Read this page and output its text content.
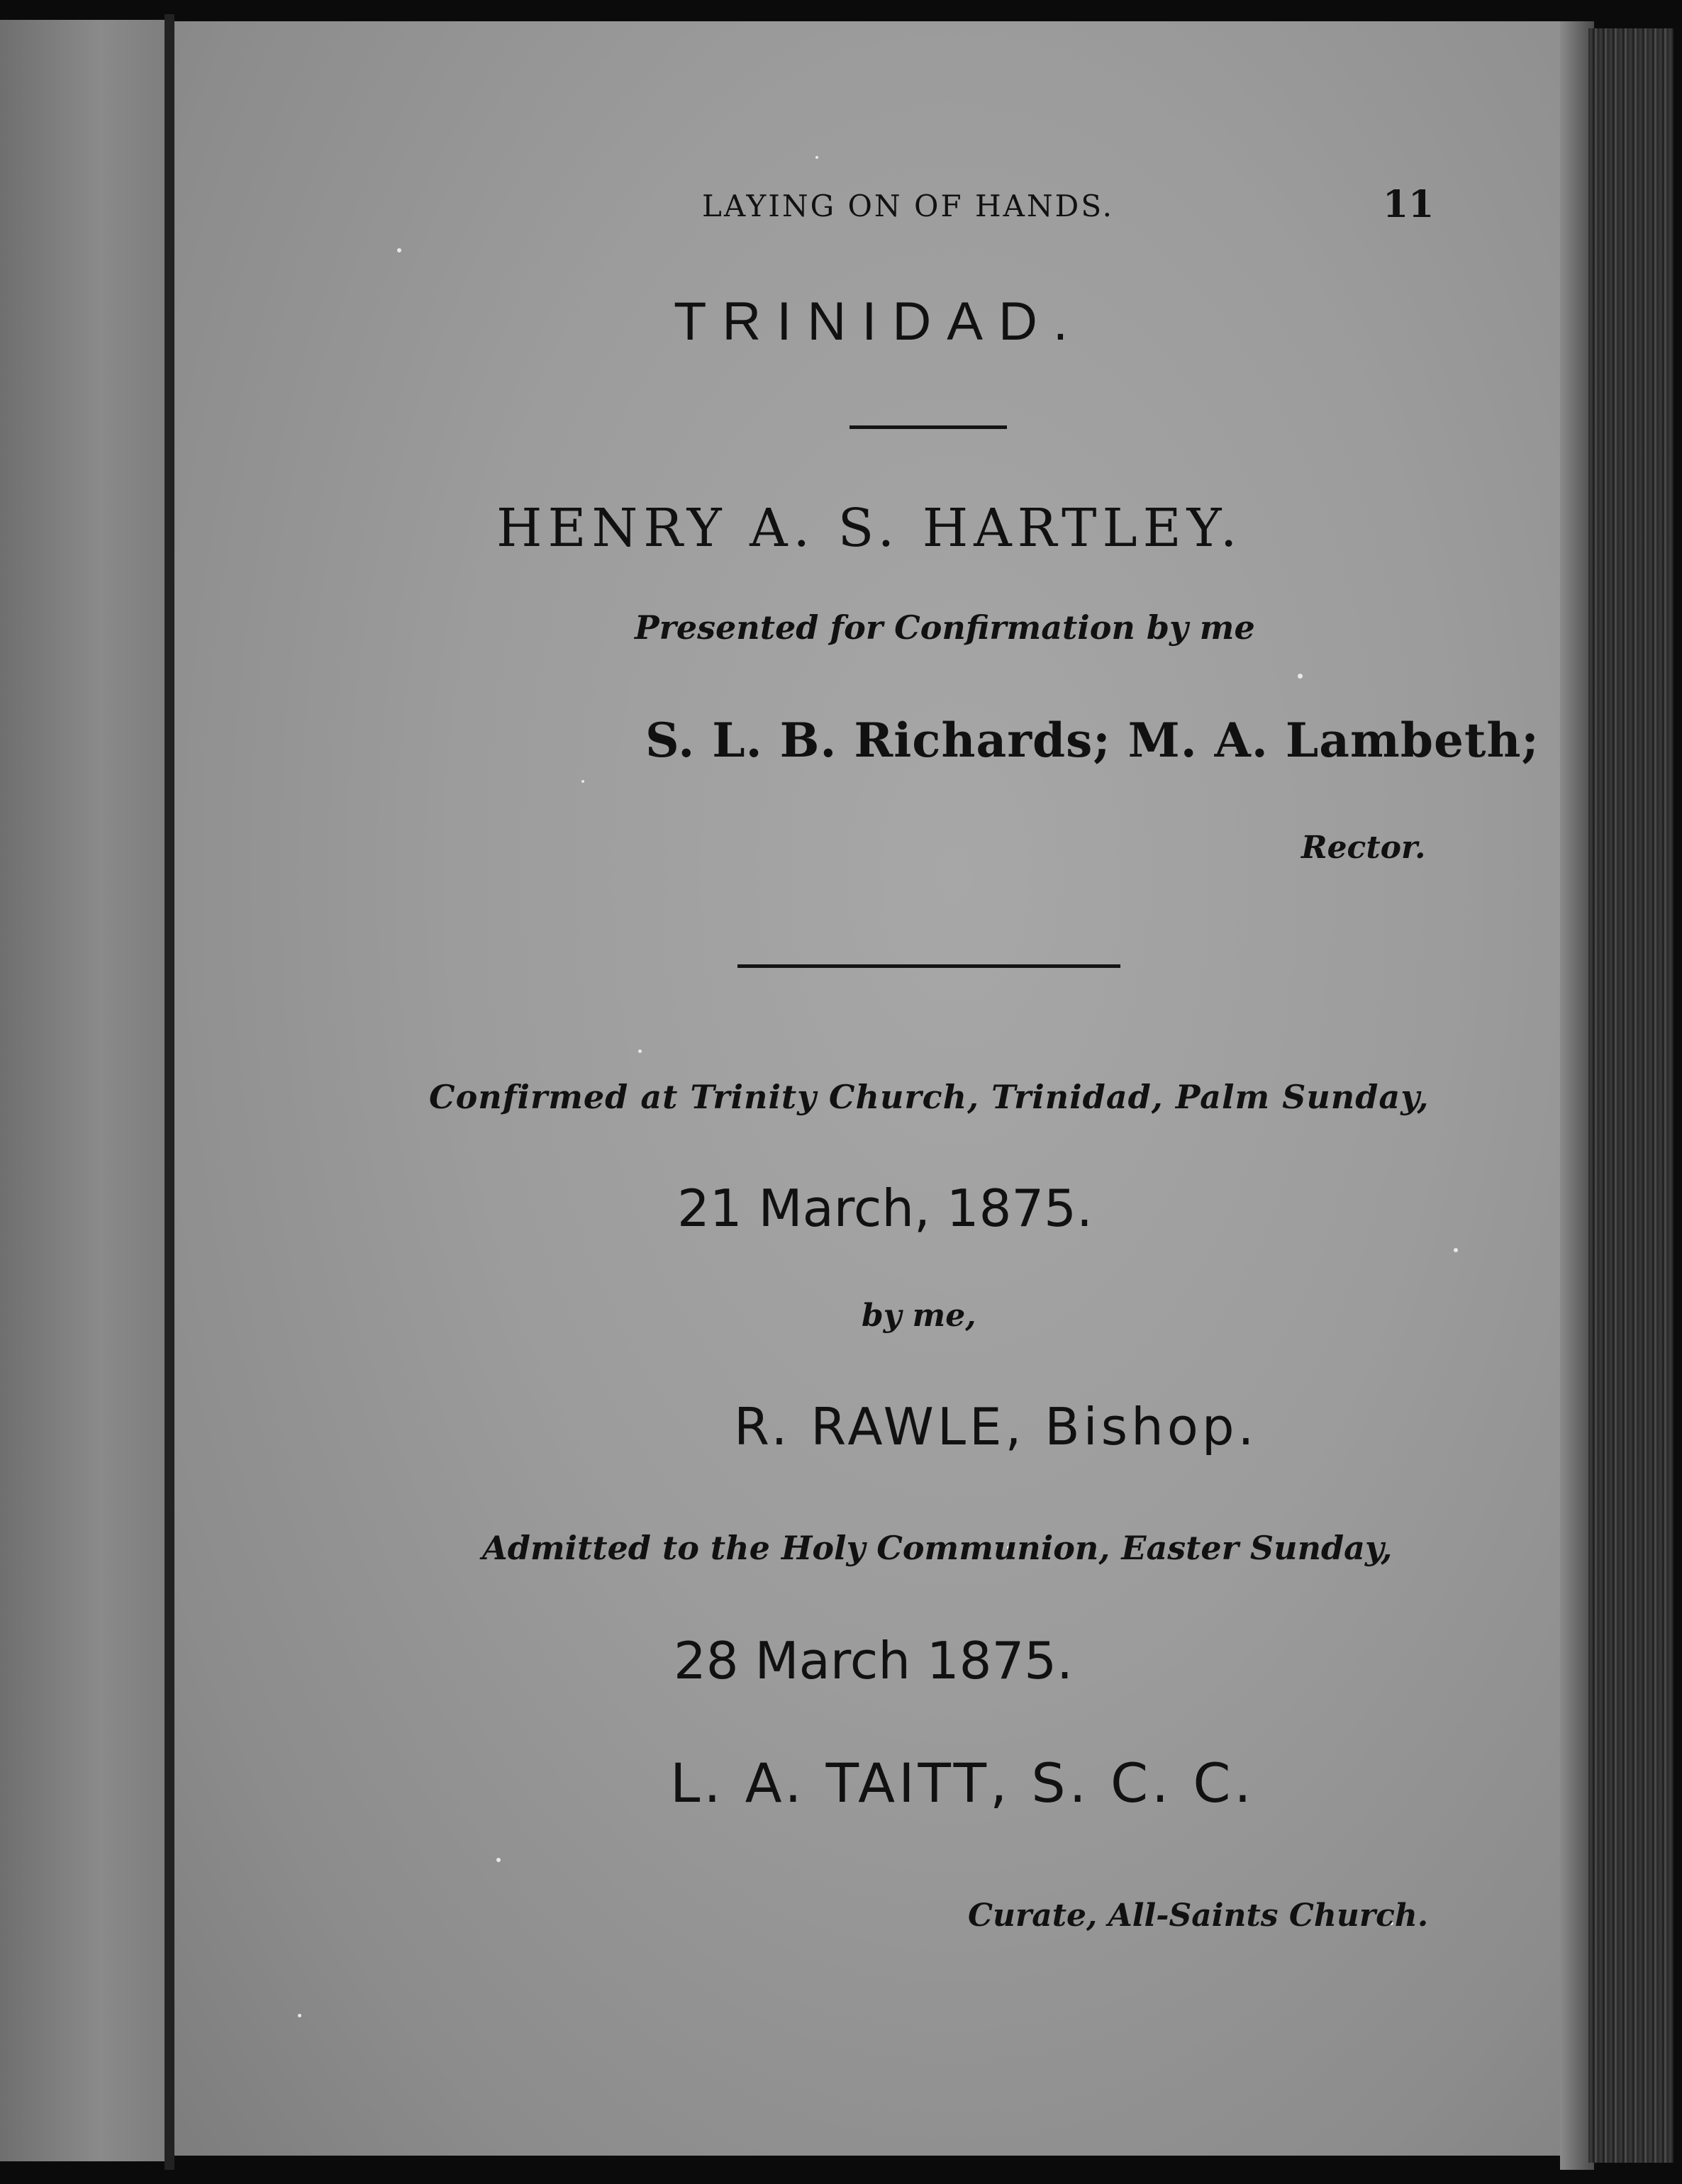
LAYING ON OF HANDS.	11
TRINIDAD.
HENRY A. S. HARTLEY.
Presented for Confirmation by me
S. L. B. Richards; M. A. Lambeth;
Rector.
Confirmed at Trinity Church, Trinidad, Palm Sunday,
21 March, 1875.
by me,
R. RAWLE, Bishop.
Admitted to the Holy Communion, Easter Sunday,
28 March 1875.
L. A. TAITT, S. C. C.
Curate, All-Saints Church.
